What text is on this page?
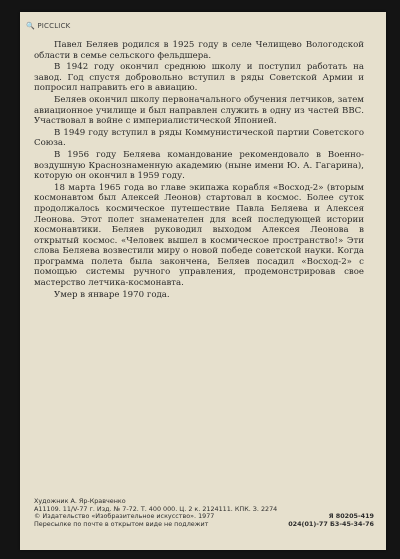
🔍 PICCLICK

Павел Беляев родился в 1925 году в селе Челищево Вологодской области в семье сельского фельдшера.

В 1942 году окончил среднюю школу и поступил работать на завод. Год спустя добровольно вступил в ряды Советской Армии и попросил направить его в авиацию.

Беляев окончил школу первоначального обучения летчиков, затем авиационное училище и был направлен служить в одну из частей ВВС. Участвовал в войне с империалистической Японией.

В 1949 году вступил в ряды Коммунистической партии Советского Союза.

В 1956 году Беляева командование рекомендовало в Военно-воздушную Краснознаменную академию (ныне имени Ю. А. Гагарина), которую он окончил в 1959 году.

18 марта 1965 года во главе экипажа корабля «Восход-2» (вторым космонавтом был Алексей Леонов) стартовал в космос. Более суток продолжалось космическое путешествие Павла Беляева и Алексея Леонова. Этот полет знаменателен для всей последующей истории космонавтики. Беляев руководил выходом Алексея Леонова в открытый космос. «Человек вышел в космическое пространство!» Эти слова Беляева возвестили миру о новой победе советской науки. Когда программа полета была закончена, Беляев посадил «Восход-2» с помощью системы ручного управления, продемонстрировав свое мастерство летчика-космонавта.

Умер в январе 1970 года.

Художник А. Яр-Кравченко
А11109. 11/V-77 г. Изд. № 7-72. Т. 400 000. Ц. 2 к. 2124111. КПК. З. 2274
© Издательство «Изобразительное искусство». 1977	Я 80205-419
Пересылке по почте в открытом виде не подлежит	024(01)-77 Б3-45-34-76
